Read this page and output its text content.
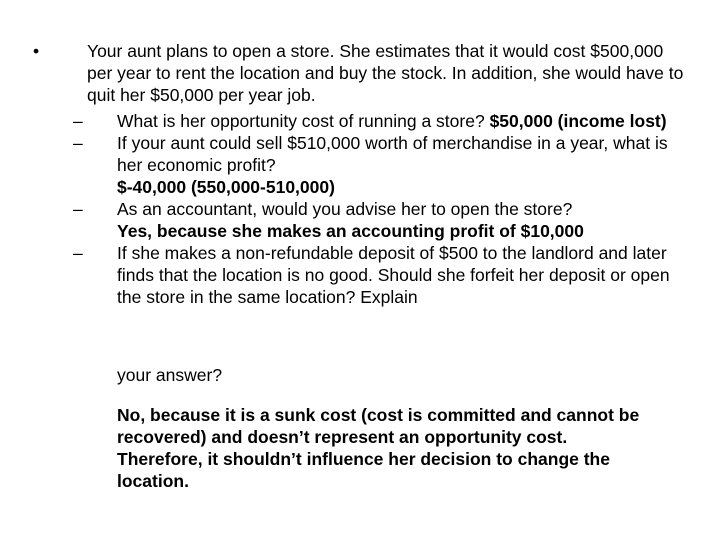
•	Your aunt plans to open a store. She estimates that it would cost $500,000 per year to rent the location and buy the stock. In addition, she would have to quit her $50,000 per year job.

– What is her opportunity cost of running a store? $50,000 (income lost)

– If your aunt could sell $510,000 worth of merchandise in a year, what is her economic profit?

$-40,000 (550,000-510,000)

– As an accountant, would you advise her to open the store?

Yes, because she makes an accounting profit of $10,000

– If she makes a non-refundable deposit of $500 to the landlord and later finds that the location is no good. Should she forfeit her deposit or open the store in the same location? Explain

your answer?

No, because it is a sunk cost (cost is committed and cannot be recovered) and doesn’t represent an opportunity cost. Therefore, it shouldn’t influence her decision to change the location.
